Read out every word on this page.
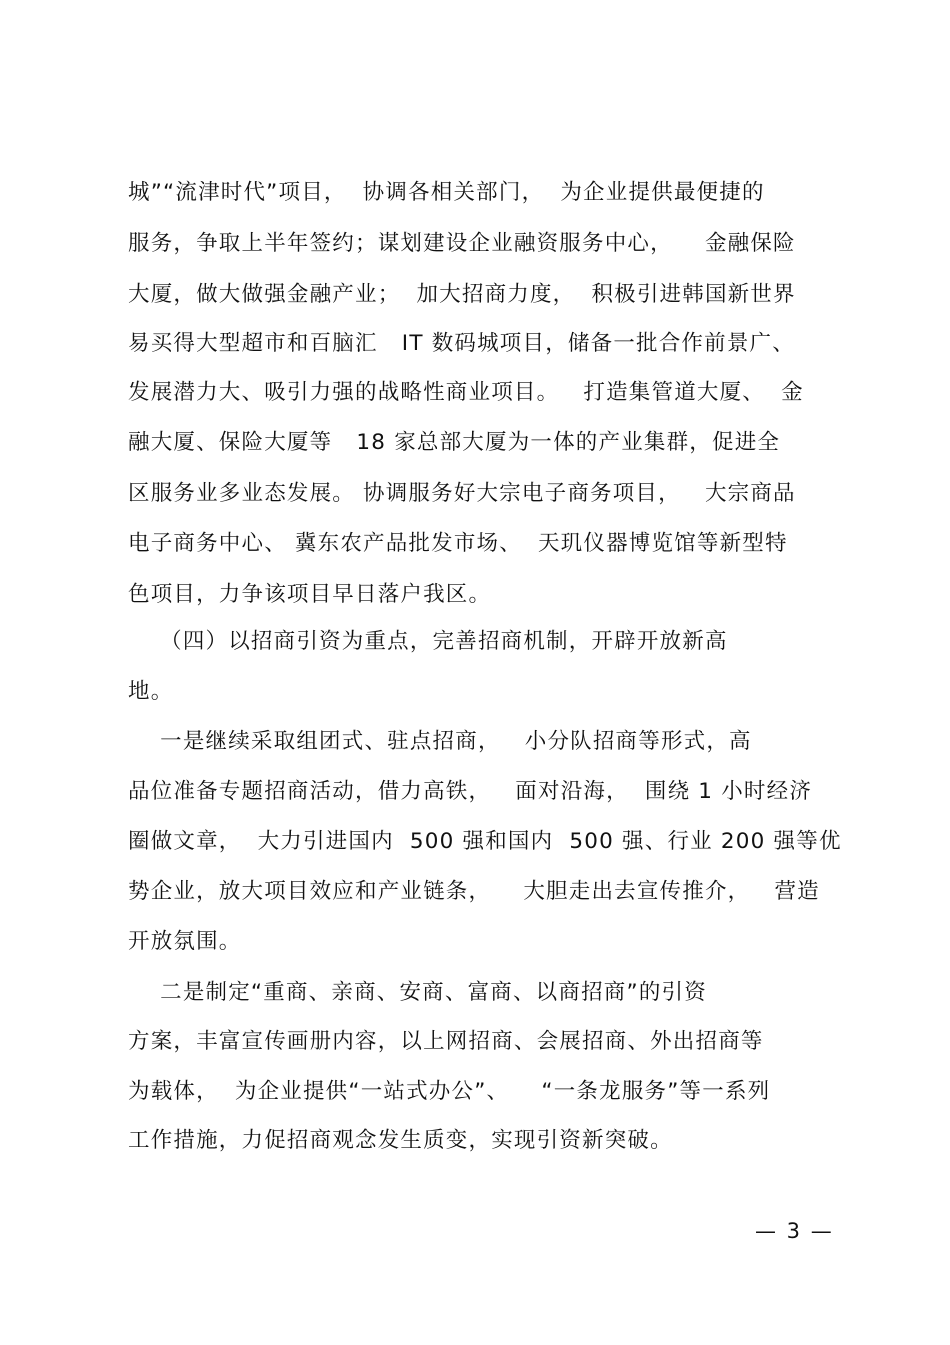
城”“流津时代”项目，  协调各相关部门，  为企业提供最便捷的
服务，争取上半年签约；谋划建设企业融资服务中心，    金融保险
大厦，做大做强金融产业；  加大招商力度，  积极引进韩国新世界
易买得大型超市和百脑汇   IT 数码城项目，储备一批合作前景广、
发展潜力大、吸引力强的战略性商业项目。   打造集管道大厦、  金
融大厦、保险大厦等   18 家总部大厦为一体的产业集群，促进全
区服务业多业态发展。 协调服务好大宗电子商务项目，   大宗商品
电子商务中心、 冀东农产品批发市场、  天玑仪器博览馆等新型特
色项目，力争该项目早日落户我区。
（四）以招商引资为重点，完善招商机制，开辟开放新高
地。
一是继续采取组团式、驻点招商，   小分队招商等形式，高
品位准备专题招商活动，借力高铁，   面对沿海，  围绕 1 小时经济
圈做文章，  大力引进国内  500 强和国内  500 强、行业 200 强等优
势企业，放大项目效应和产业链条，    大胆走出去宣传推介，   营造
开放氛围。
二是制定“重商、亲商、安商、富商、以商招商”的引资
方案，丰富宣传画册内容，以上网招商、会展招商、外出招商等
为载体，  为企业提供“一站式办公”、    “一条龙服务”等一系列
工作措施，力促招商观念发生质变，实现引资新突破。
— 3 —
